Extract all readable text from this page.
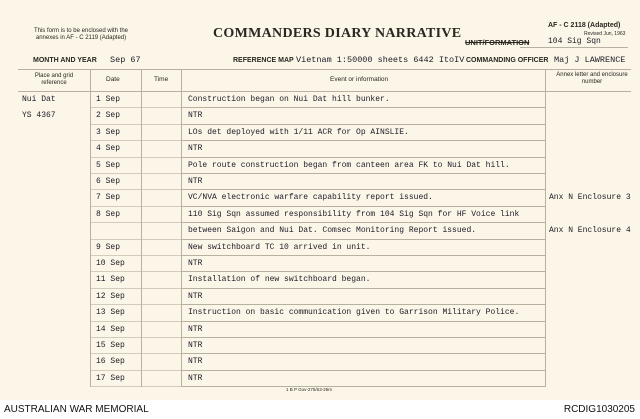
This form is to be enclosed with the annexes in AF - C 2119 (Adapted)	COMMANDERS DIARY NARRATIVE
AF - C 2118 (Adapted)
Revised Jun, 1963
UNIT/FORMATION 104 Sig Sqn
MONTH AND YEAR Sep 67	REFERENCE MAP Vietnam 1:50000 sheets 6442 ItoIV COMMANDING OFFICER Maj J LAWRENCE
Place and grid reference	Date	Time	Event or information
Annex letter and enclosure number
Nui Dat	1 Sep	Construction began on Nui Dat hill bunker.
YS 4367	2 Sep	NTR
3 Sep	LOs det deployed with 1/11 ACR for Op AINSLIE.
4 Sep	NTR
5 Sep	Pole route construction began from canteen area FK to Nui Dat hill.
6 Sep	NTR
7 Sep	VC/NVA electronic warfare capability report issued.	Anx N Enclosure 3
8 Sep	110 Sig Sqn assumed responsibility from 104 Sig Sqn for HF Voice link
between Saigon and Nui Dat. Comsec Monitoring Report issued.	Anx N Enclosure 4
9 Sep	New switchboard TC 10 arrived in unit.
10 Sep	NTR
11 Sep	Installation of new switchboard began.
12 Sep	NTR
13 Sep	Instruction on basic communication given to Garrison Military Police.
14 Sep	NTR
15 Sep	NTR
16 Sep	NTR
17 Sep	NTR
1 B P Gov-275/63-25m
AUSTRALIAN WAR MEMORIAL	RCDIG1030205
